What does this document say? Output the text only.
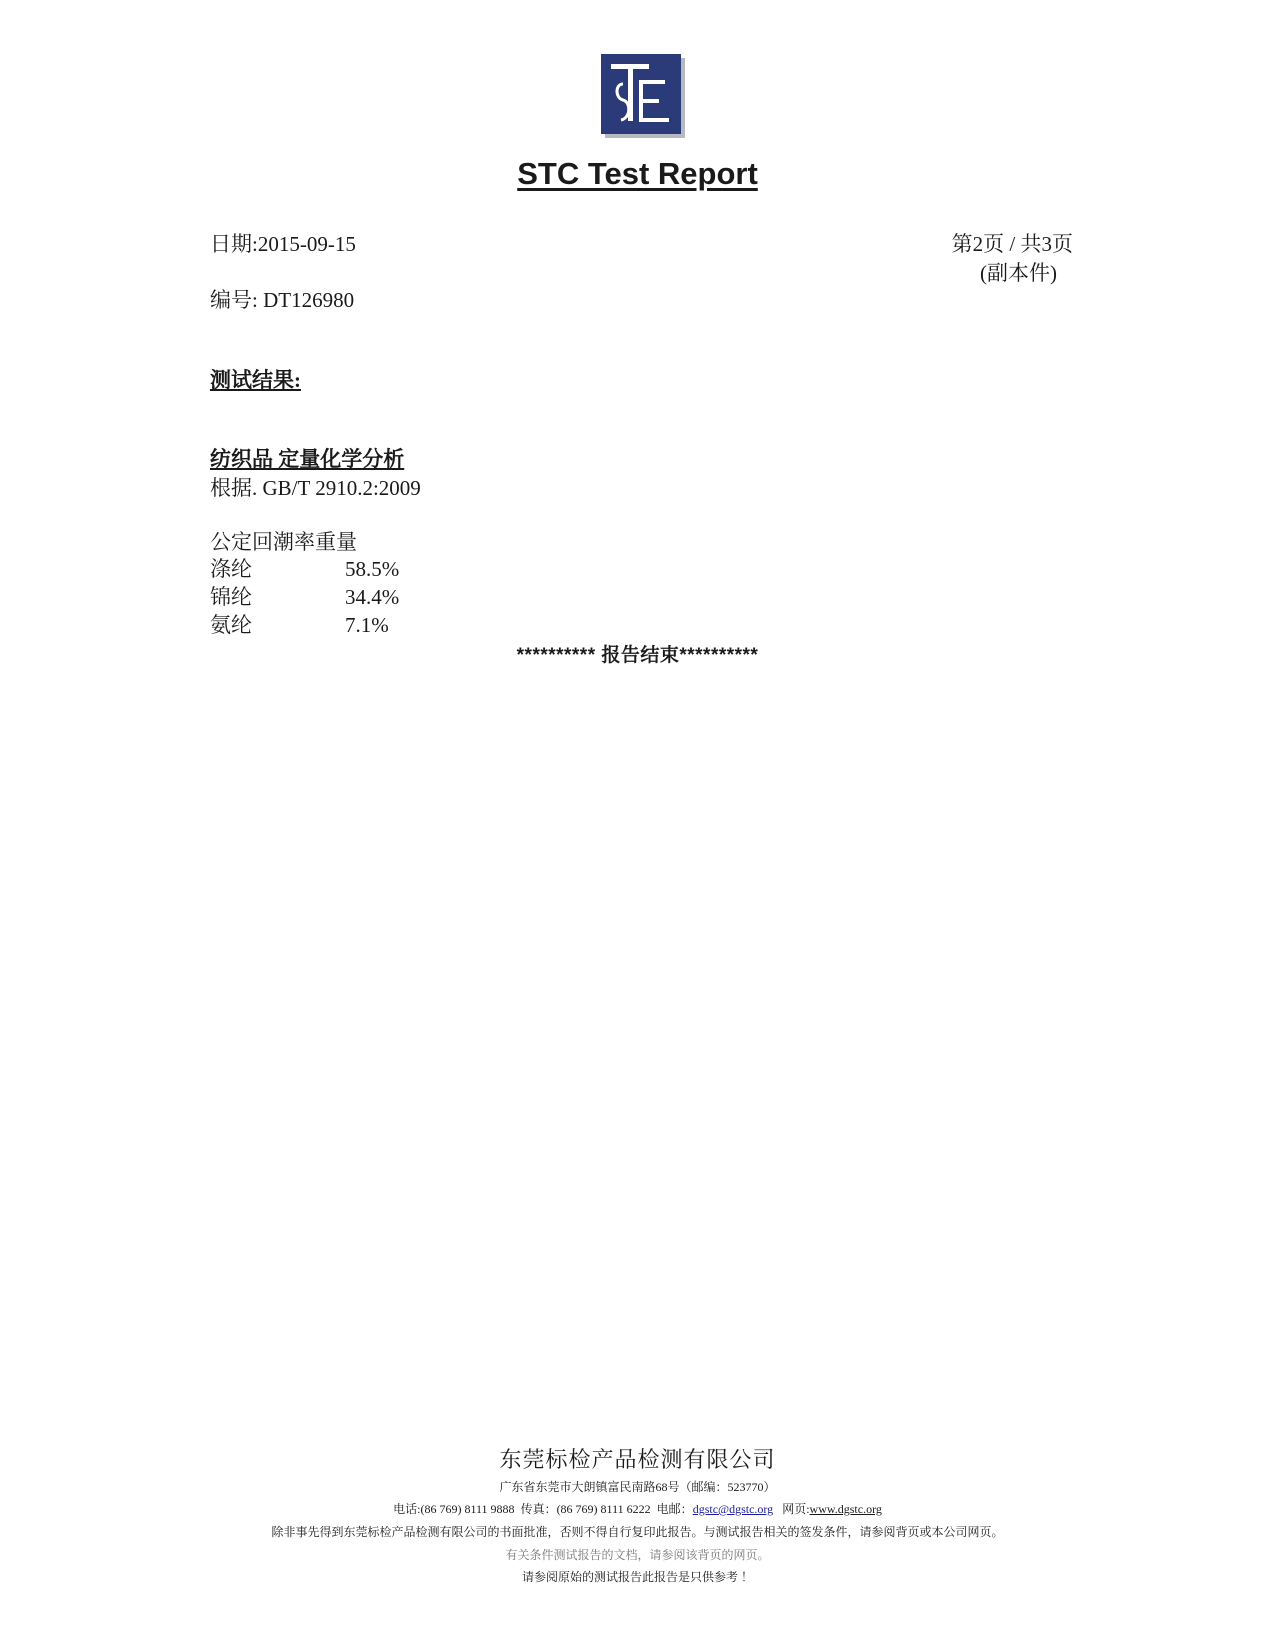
STC Test Report
日期:2015-09-15	第2页 / 共3页
(副本件)
编号: DT126980
测试结果:
纺织品 定量化学分析
根据. GB/T 2910.2:2009
公定回潮率重量
涤纶	58.5%
锦纶	34.4%
氨纶	7.1%
********** 报告结束**********
东莞标检产品检测有限公司
广东省东莞市大朗镇富民南路68号（邮编：523770）
电话:(86 769) 8111 9888 传真：(86 769) 8111 6222 电邮：dgstc@dgstc.org 网页:www.dgstc.org
除非事先得到东莞标检产品检测有限公司的书面批准，否则不得自行复印此报告。与测试报告相关的签发条件，请参阅背页或本公司网页。
有关条件测试报告的文档，请参阅该背页的网页。
请参阅原始的测试报告此报告是只供参考 ！
